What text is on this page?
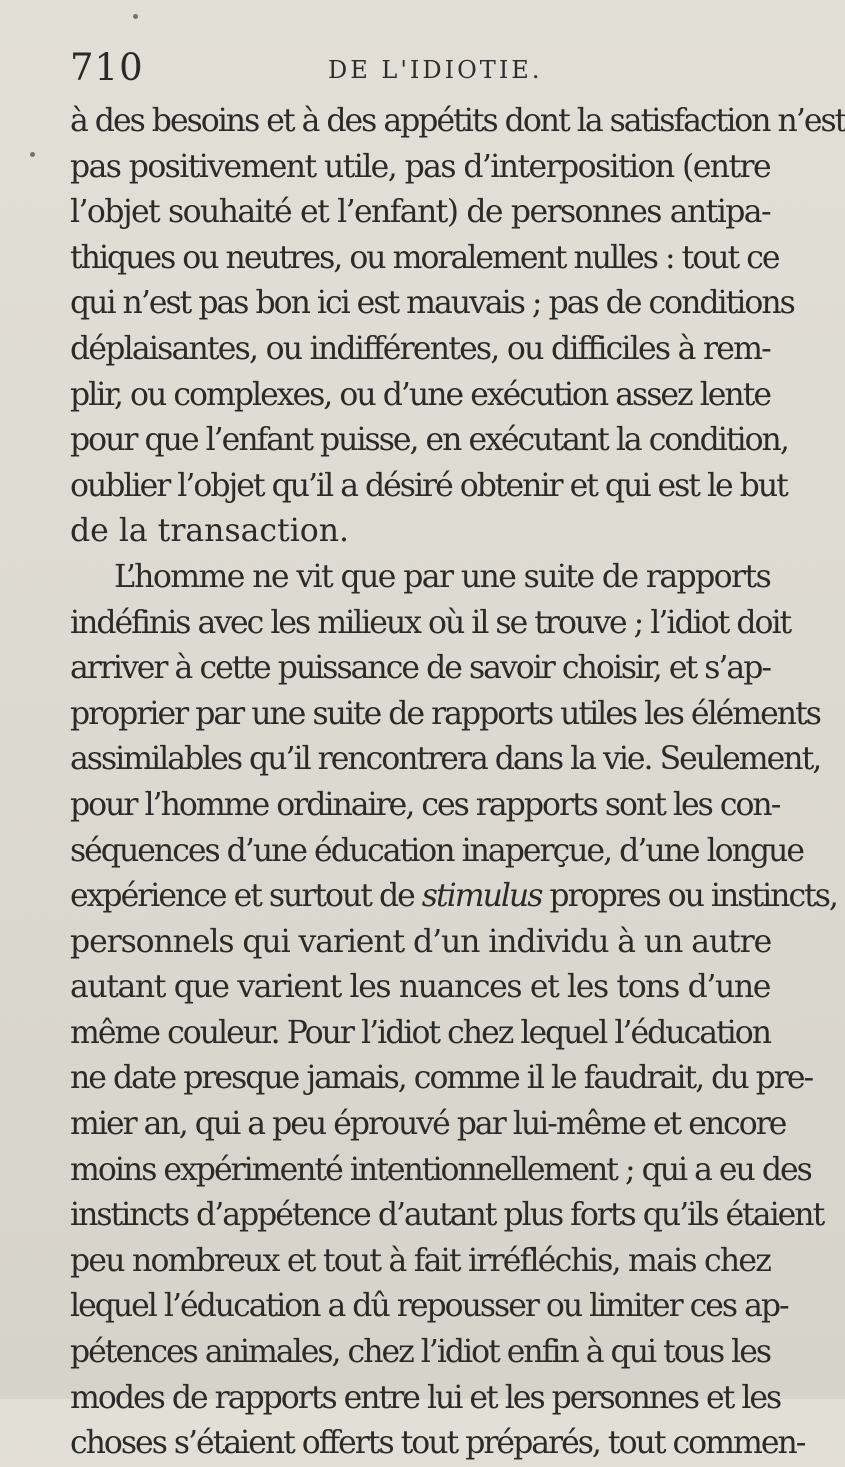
710	DE L'IDIOTIE.
à des besoins et à des appétits dont la satisfaction n’est
pas positivement utile, pas d’interposition (entre
l’objet souhaité et l’enfant) de personnes antipa-
thiques ou neutres, ou moralement nulles : tout ce
qui n’est pas bon ici est mauvais ; pas de conditions
déplaisantes, ou indifférentes, ou difficiles à rem-
plir, ou complexes, ou d’une exécution assez lente
pour que l’enfant puisse, en exécutant la condition,
oublier l’objet qu’il a désiré obtenir et qui est le but
de la transaction.
L’homme ne vit que par une suite de rapports
indéfinis avec les milieux où il se trouve ; l’idiot doit
arriver à cette puissance de savoir choisir, et s’ap-
proprier par une suite de rapports utiles les éléments
assimilables qu’il rencontrera dans la vie. Seulement,
pour l’homme ordinaire, ces rapports sont les con-
séquences d’une éducation inaperçue, d’une longue
expérience et surtout de stimulus propres ou instincts,
personnels qui varient d’un individu à un autre
autant que varient les nuances et les tons d’une
même couleur. Pour l’idiot chez lequel l’éducation
ne date presque jamais, comme il le faudrait, du pre-
mier an, qui a peu éprouvé par lui-même et encore
moins expérimenté intentionnellement ; qui a eu des
instincts d’appétence d’autant plus forts qu’ils étaient
peu nombreux et tout à fait irréfléchis, mais chez
lequel l’éducation a dû repousser ou limiter ces ap-
pétences animales, chez l’idiot enfin à qui tous les
modes de rapports entre lui et les personnes et les
choses s’étaient offerts tout préparés, tout commen-
